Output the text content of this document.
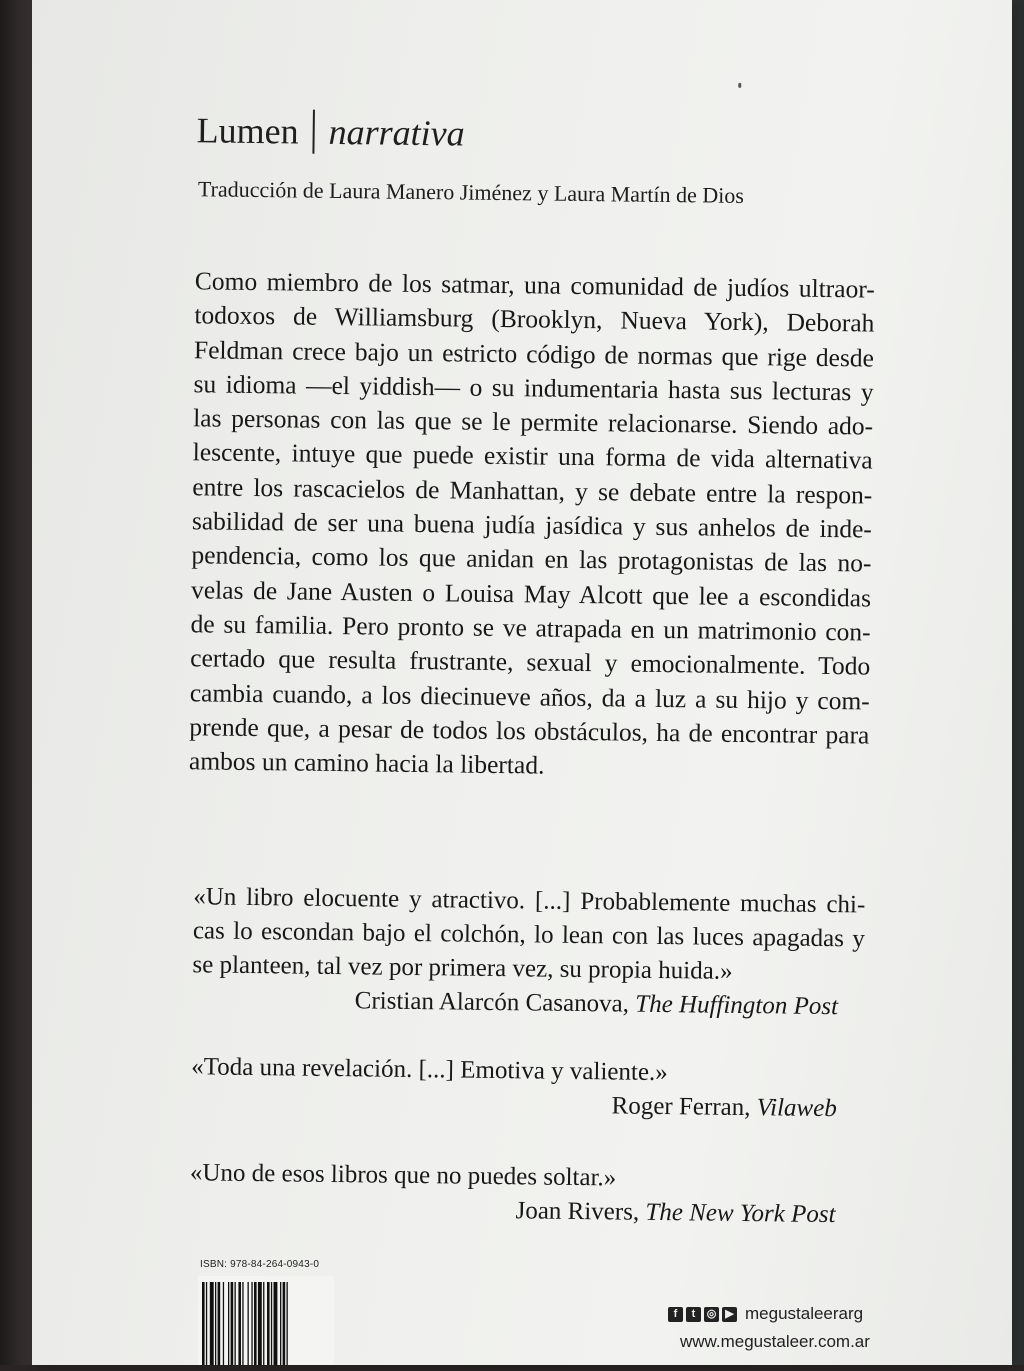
Lumen narrativa
Traducción de Laura Manero Jiménez y Laura Martín de Dios
Como miembro de los satmar, una comunidad de judíos ultraor-
todoxos de Williamsburg (Brooklyn, Nueva York), Deborah
Feldman crece bajo un estricto código de normas que rige desde
su idioma —el yiddish— o su indumentaria hasta sus lecturas y
las personas con las que se le permite relacionarse. Siendo ado-
lescente, intuye que puede existir una forma de vida alternativa
entre los rascacielos de Manhattan, y se debate entre la respon-
sabilidad de ser una buena judía jasídica y sus anhelos de inde-
pendencia, como los que anidan en las protagonistas de las no-
velas de Jane Austen o Louisa May Alcott que lee a escondidas
de su familia. Pero pronto se ve atrapada en un matrimonio con-
certado que resulta frustrante, sexual y emocionalmente. Todo
cambia cuando, a los diecinueve años, da a luz a su hijo y com-
prende que, a pesar de todos los obstáculos, ha de encontrar para
ambos un camino hacia la libertad.
«Un libro elocuente y atractivo. [...] Probablemente muchas chi-
cas lo escondan bajo el colchón, lo lean con las luces apagadas y
se planteen, tal vez por primera vez, su propia huida.»
Cristian Alarcón Casanova, The Huffington Post
«Toda una revelación. [...] Emotiva y valiente.»
Roger Ferran, Vilaweb
«Uno de esos libros que no puedes soltar.»
Joan Rivers, The New York Post
ISBN: 978-84-264-0943-0
f	t	◎ ▶ megustaleerarg
www.megustaleer.com.ar
